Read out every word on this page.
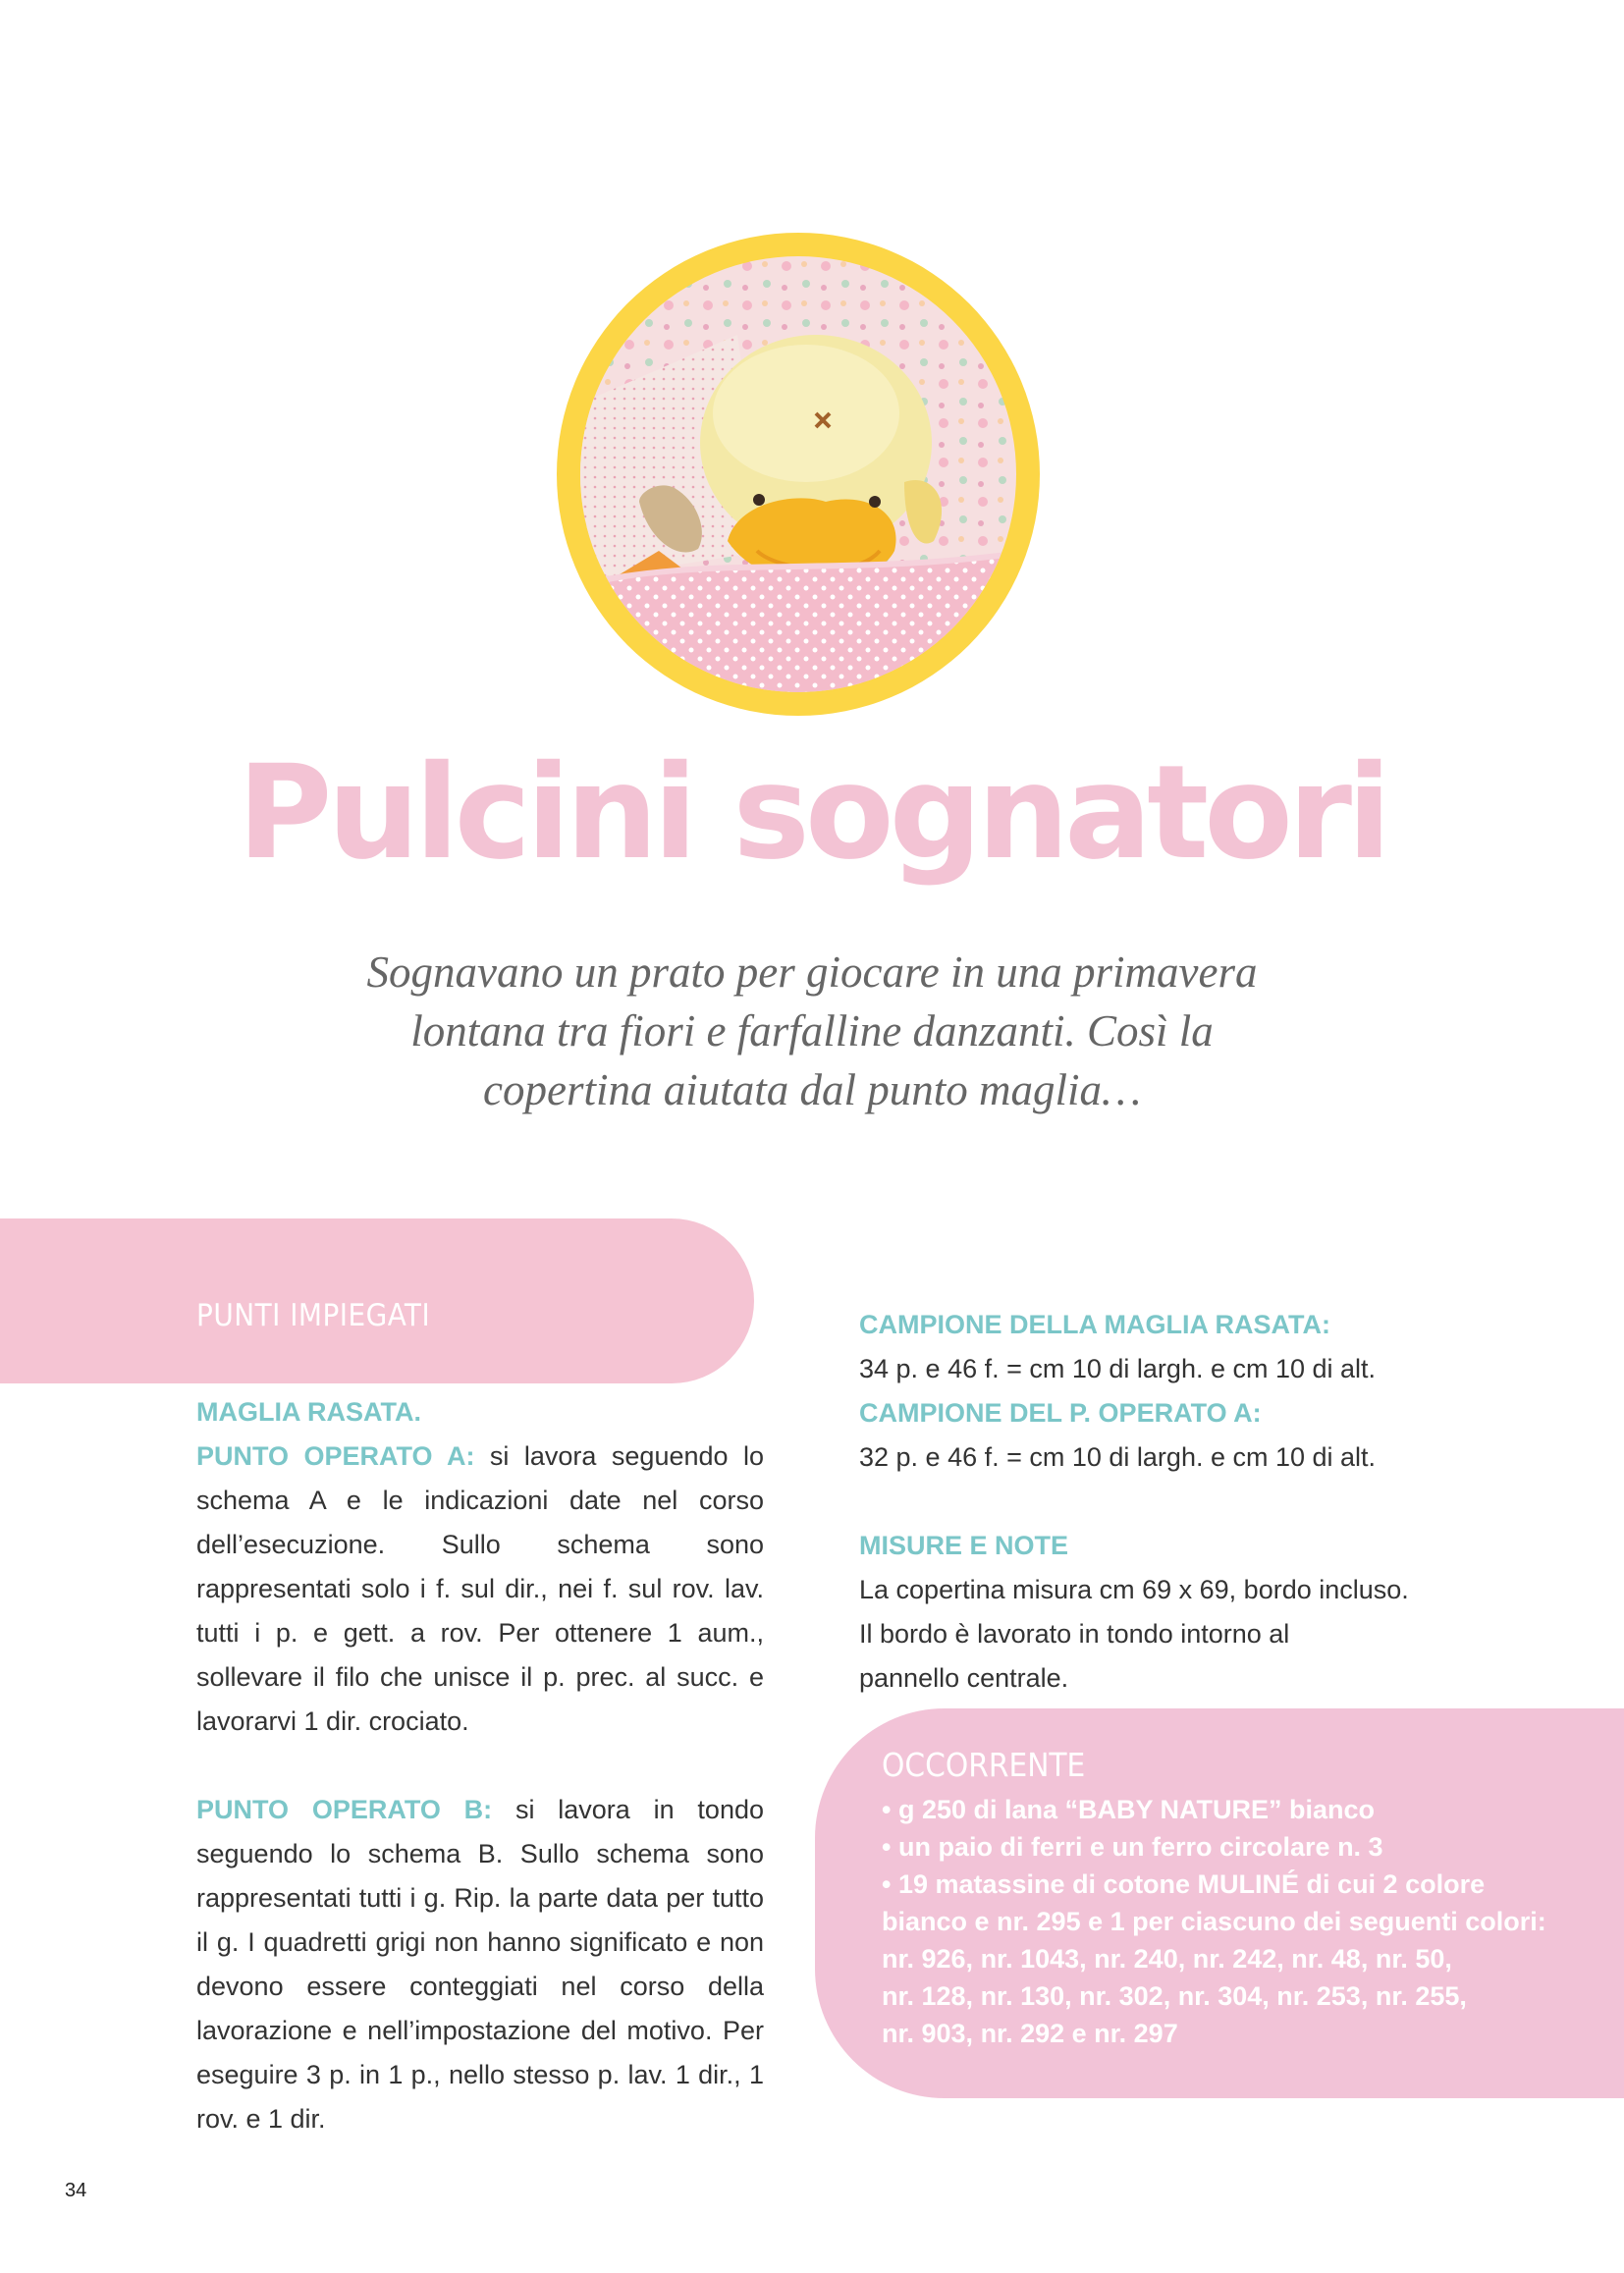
Pulcini sognatori
Sognavano un prato per giocare in una primavera
lontana tra fiori e farfalline danzanti. Così la
copertina aiutata dal punto maglia…
PUNTI IMPIEGATI

MAGLIA RASATA.

PUNTO OPERATO A: si lavora seguendo lo schema A e le indicazioni date nel corso dell’esecuzione. Sullo schema sono rappresentati solo i f. sul dir., nei f. sul rov. lav. tutti i p. e gett. a rov. Per ottenere 1 aum., sollevare il filo che unisce il p. prec. al succ. e lavorarvi 1 dir. crociato.

PUNTO OPERATO B: si lavora in tondo seguendo lo schema B. Sullo schema sono rappresentati tutti i g. Rip. la parte data per tutto il g. I quadretti grigi non hanno significato e non devono essere conteggiati nel corso della lavorazione e nell’impostazione del motivo. Per eseguire 3 p. in 1 p., nello stesso p. lav. 1 dir., 1 rov. e 1 dir.

CAMPIONE DELLA MAGLIA RASATA:

34 p. e 46 f. = cm 10 di largh. e cm 10 di alt.

CAMPIONE DEL P. OPERATO A:

32 p. e 46 f. = cm 10 di largh. e cm 10 di alt.

MISURE E NOTE

La copertina misura cm 69 x 69, bordo incluso.

Il bordo è lavorato in tondo intorno al

pannello centrale.

OCCORRENTE
• g 250 di lana “BABY NATURE” bianco
• un paio di ferri e un ferro circolare n. 3
• 19 matassine di cotone MULINÉ di cui 2 colore
bianco e nr. 295 e 1 per ciascuno dei seguenti colori:
nr. 926, nr. 1043, nr. 240, nr. 242, nr. 48, nr. 50,
nr. 128, nr. 130, nr. 302, nr. 304, nr. 253, nr. 255,
nr. 903, nr. 292 e nr. 297
34
